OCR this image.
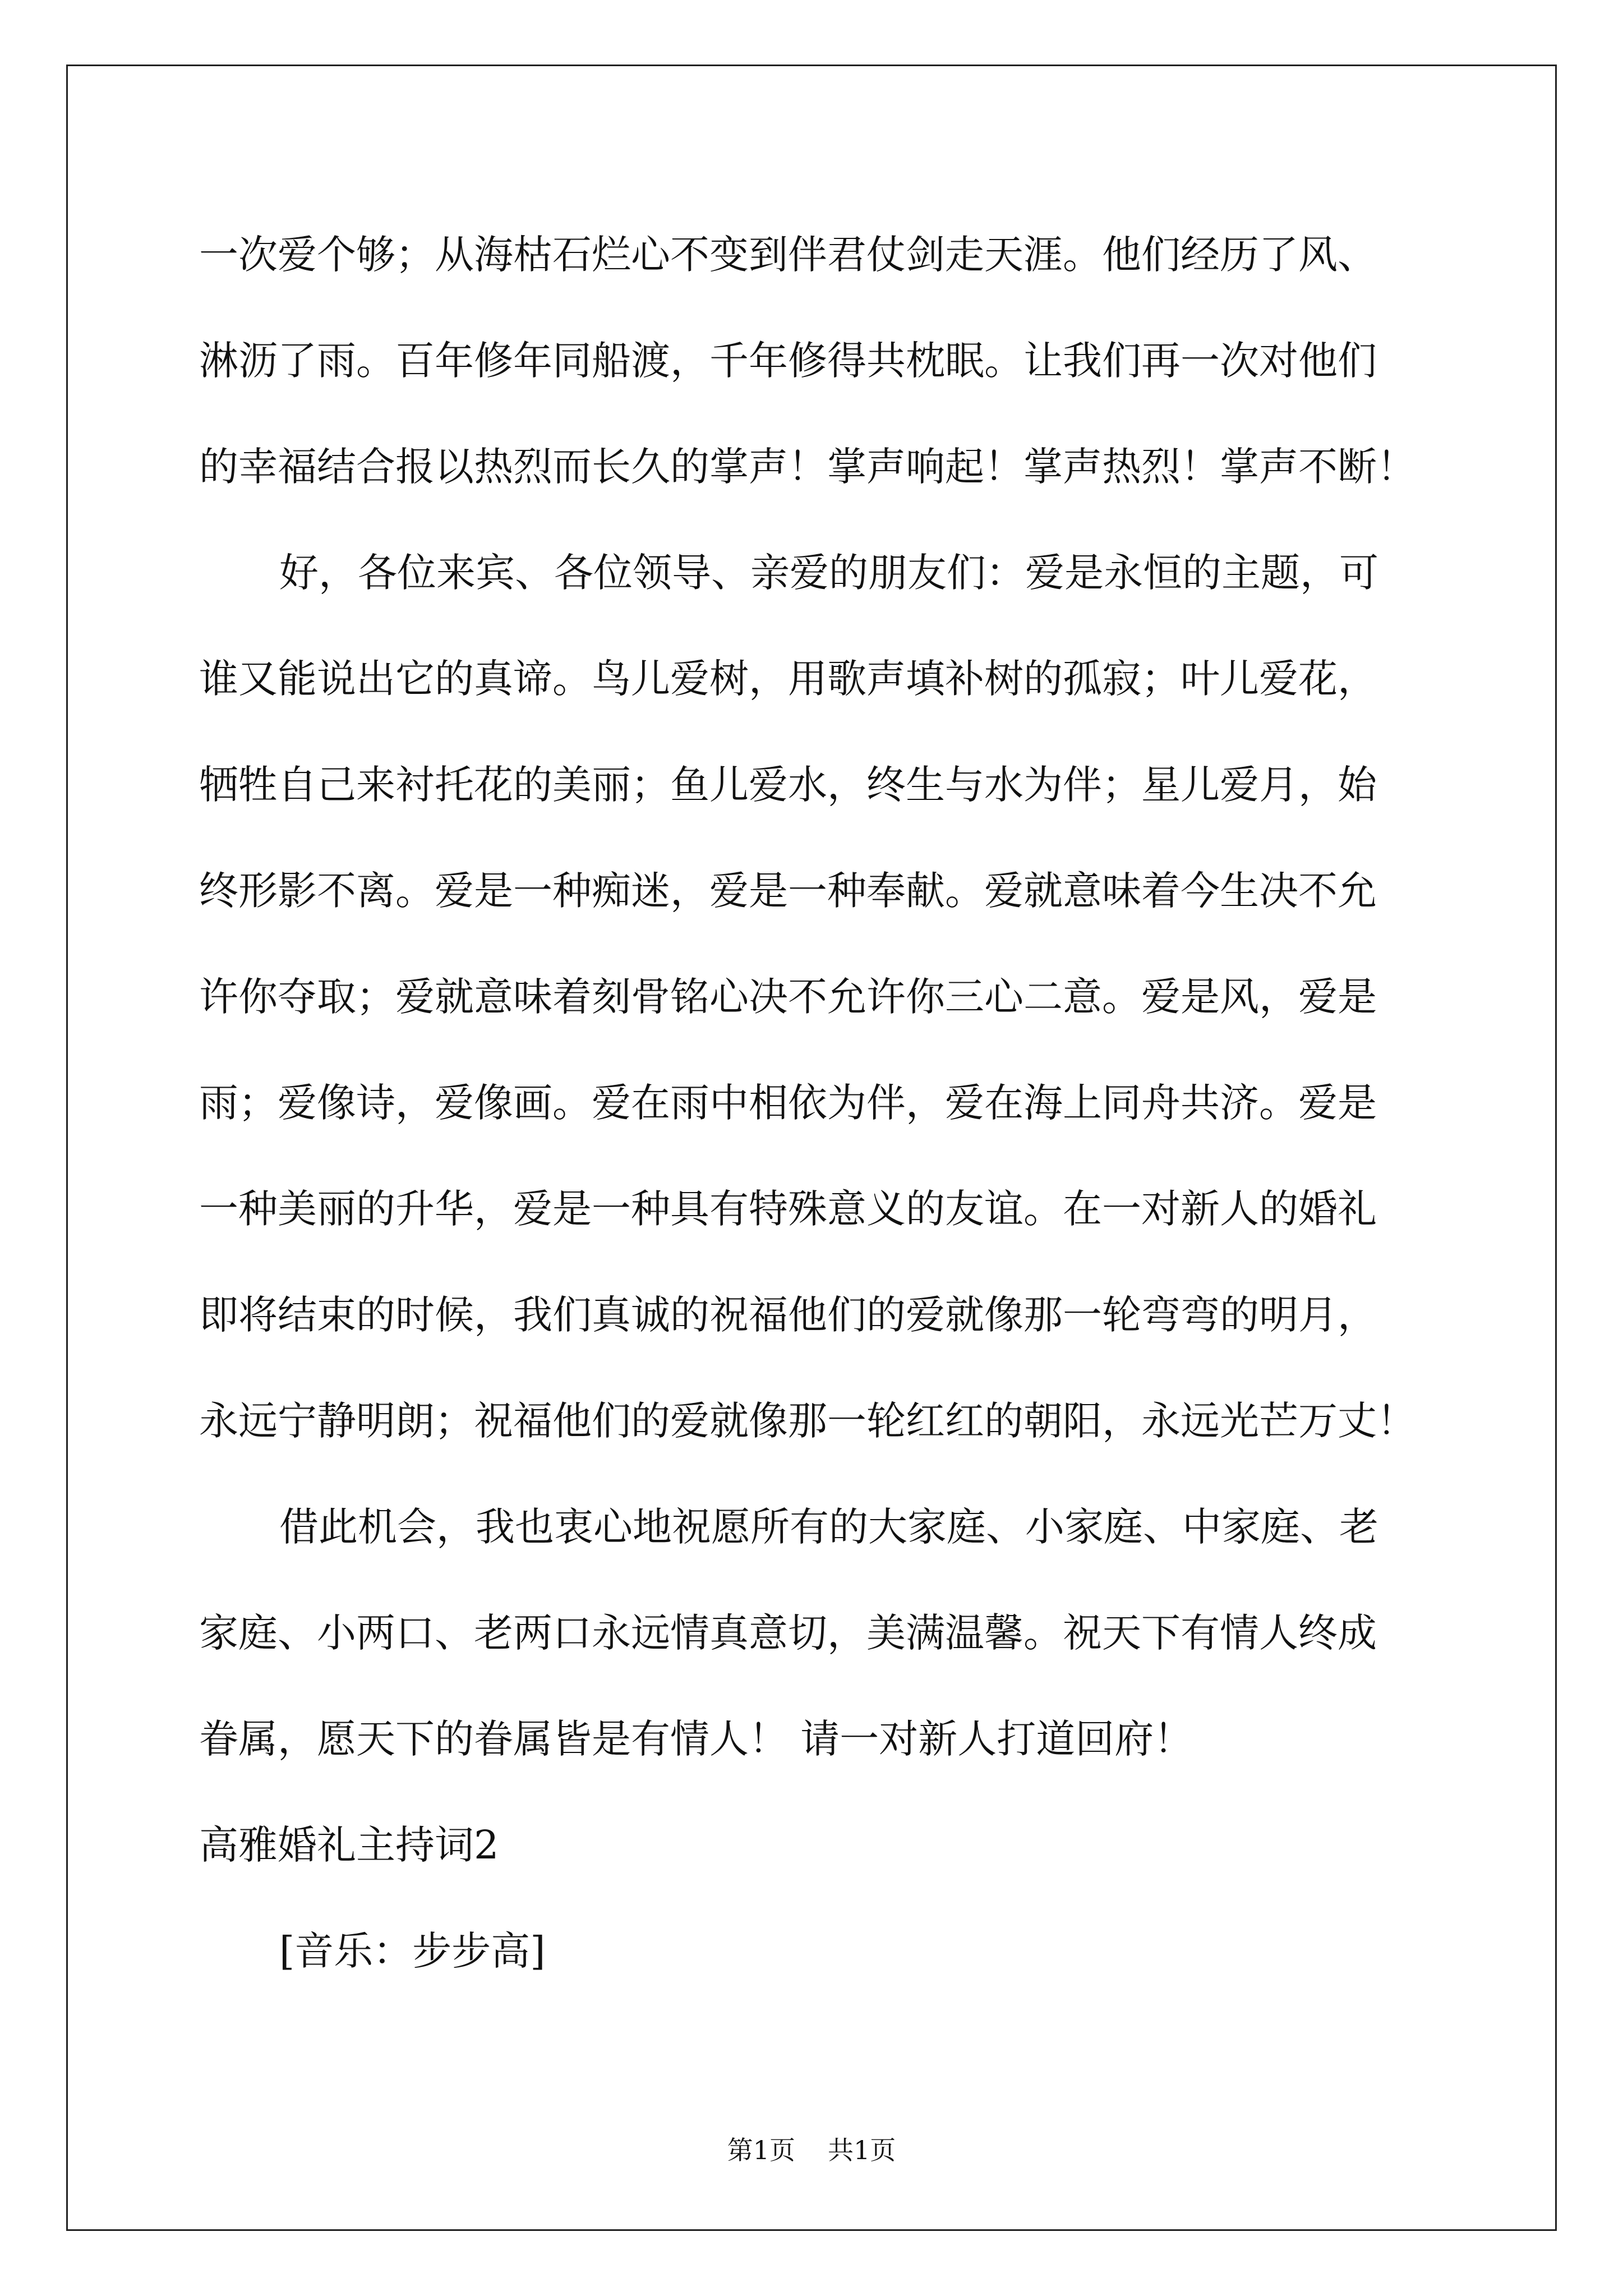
一次爱个够；从海枯石烂心不变到伴君仗剑走天涯。他们经历了风、
淋沥了雨。百年修年同船渡，千年修得共枕眠。让我们再一次对他们
的幸福结合报以热烈而长久的掌声！掌声响起！掌声热烈！掌声不断！
好，各位来宾、各位领导、亲爱的朋友们：爱是永恒的主题，可
谁又能说出它的真谛。鸟儿爱树，用歌声填补树的孤寂；叶儿爱花，
牺牲自己来衬托花的美丽；鱼儿爱水，终生与水为伴；星儿爱月，始
终形影不离。爱是一种痴迷，爱是一种奉献。爱就意味着今生决不允
许你夺取；爱就意味着刻骨铭心决不允许你三心二意。爱是风，爱是
雨；爱像诗，爱像画。爱在雨中相依为伴，爱在海上同舟共济。爱是
一种美丽的升华，爱是一种具有特殊意义的友谊。在一对新人的婚礼
即将结束的时候，我们真诚的祝福他们的爱就像那一轮弯弯的明月，
永远宁静明朗；祝福他们的爱就像那一轮红红的朝阳，永远光芒万丈！
借此机会，我也衷心地祝愿所有的大家庭、小家庭、中家庭、老
家庭、小两口、老两口永远情真意切，美满温馨。祝天下有情人终成
眷属，愿天下的眷属皆是有情人！ 请一对新人打道回府！
高雅婚礼主持词2
[音乐：步步高]
第1页 共1页
